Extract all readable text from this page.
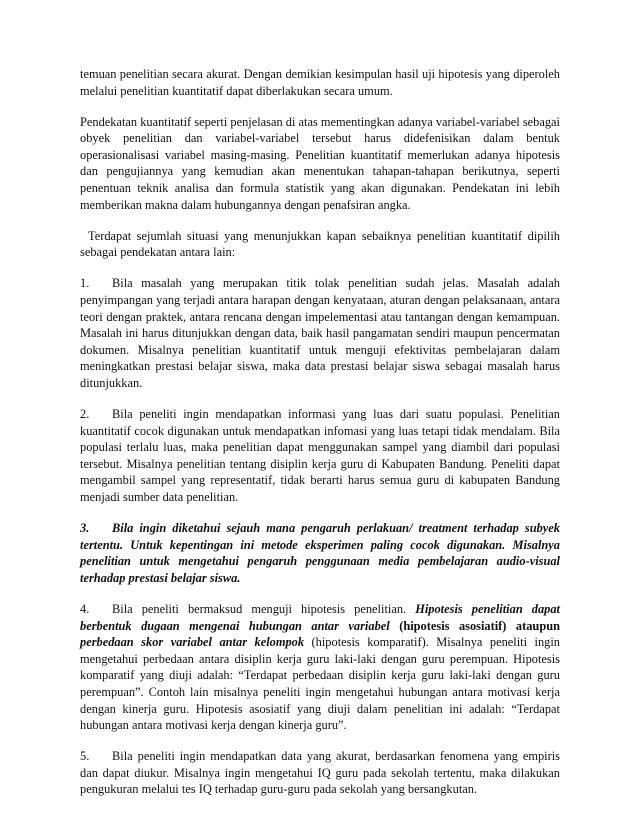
temuan penelitian secara akurat. Dengan demikian kesimpulan hasil uji hipotesis yang diperoleh melalui penelitian kuantitatif dapat diberlakukan secara umum.

Pendekatan kuantitatif seperti penjelasan di atas mementingkan adanya variabel-variabel sebagai obyek penelitian dan variabel-variabel tersebut harus didefenisikan dalam bentuk operasionalisasi variabel masing-masing. Penelitian kuantitatif memerlukan adanya hipotesis dan pengujiannya yang kemudian akan menentukan tahapan-tahapan berikutnya, seperti penentuan teknik analisa dan formula statistik yang akan digunakan. Pendekatan ini lebih memberikan makna dalam hubungannya dengan penafsiran angka.

Terdapat sejumlah situasi yang menunjukkan kapan sebaiknya penelitian kuantitatif dipilih sebagai pendekatan antara lain:

1. Bila masalah yang merupakan titik tolak penelitian sudah jelas. Masalah adalah penyimpangan yang terjadi antara harapan dengan kenyataan, aturan dengan pelaksanaan, antara teori dengan praktek, antara rencana dengan impelementasi atau tantangan dengan kemampuan. Masalah ini harus ditunjukkan dengan data, baik hasil pangamatan sendiri maupun pencermatan dokumen. Misalnya penelitian kuantitatif untuk menguji efektivitas pembelajaran dalam meningkatkan prestasi belajar siswa, maka data prestasi belajar siswa sebagai masalah harus ditunjukkan.

2. Bila peneliti ingin mendapatkan informasi yang luas dari suatu populasi. Penelitian kuantitatif cocok digunakan untuk mendapatkan infomasi yang luas tetapi tidak mendalam. Bila populasi terlalu luas, maka penelitian dapat menggunakan sampel yang diambil dari populasi tersebut. Misalnya penelitian tentang disiplin kerja guru di Kabupaten Bandung. Peneliti dapat mengambil sampel yang representatif, tidak berarti harus semua guru di kabupaten Bandung menjadi sumber data penelitian.

3. Bila ingin diketahui sejauh mana pengaruh perlakuan/ treatment terhadap subyek tertentu. Untuk kepentingan ini metode eksperimen paling cocok digunakan. Misalnya penelitian untuk mengetahui pengaruh penggunaan media pembelajaran audio-visual terhadap prestasi belajar siswa.

4. Bila peneliti bermaksud menguji hipotesis penelitian. Hipotesis penelitian dapat berbentuk dugaan mengenai hubungan antar variabel (hipotesis asosiatif) ataupun perbedaan skor variabel antar kelompok (hipotesis komparatif). Misalnya peneliti ingin mengetahui perbedaan antara disiplin kerja guru laki-laki dengan guru perempuan. Hipotesis komparatif yang diuji adalah: “Terdapat perbedaan disiplin kerja guru laki-laki dengan guru perempuan”. Contoh lain misalnya peneliti ingin mengetahui hubungan antara motivasi kerja dengan kinerja guru. Hipotesis asosiatif yang diuji dalam penelitian ini adalah: “Terdapat hubungan antara motivasi kerja dengan kinerja guru”.

5. Bila peneliti ingin mendapatkan data yang akurat, berdasarkan fenomena yang empiris dan dapat diukur. Misalnya ingin mengetahui IQ guru pada sekolah tertentu, maka dilakukan pengukuran melalui tes IQ terhadap guru-guru pada sekolah yang bersangkutan.
